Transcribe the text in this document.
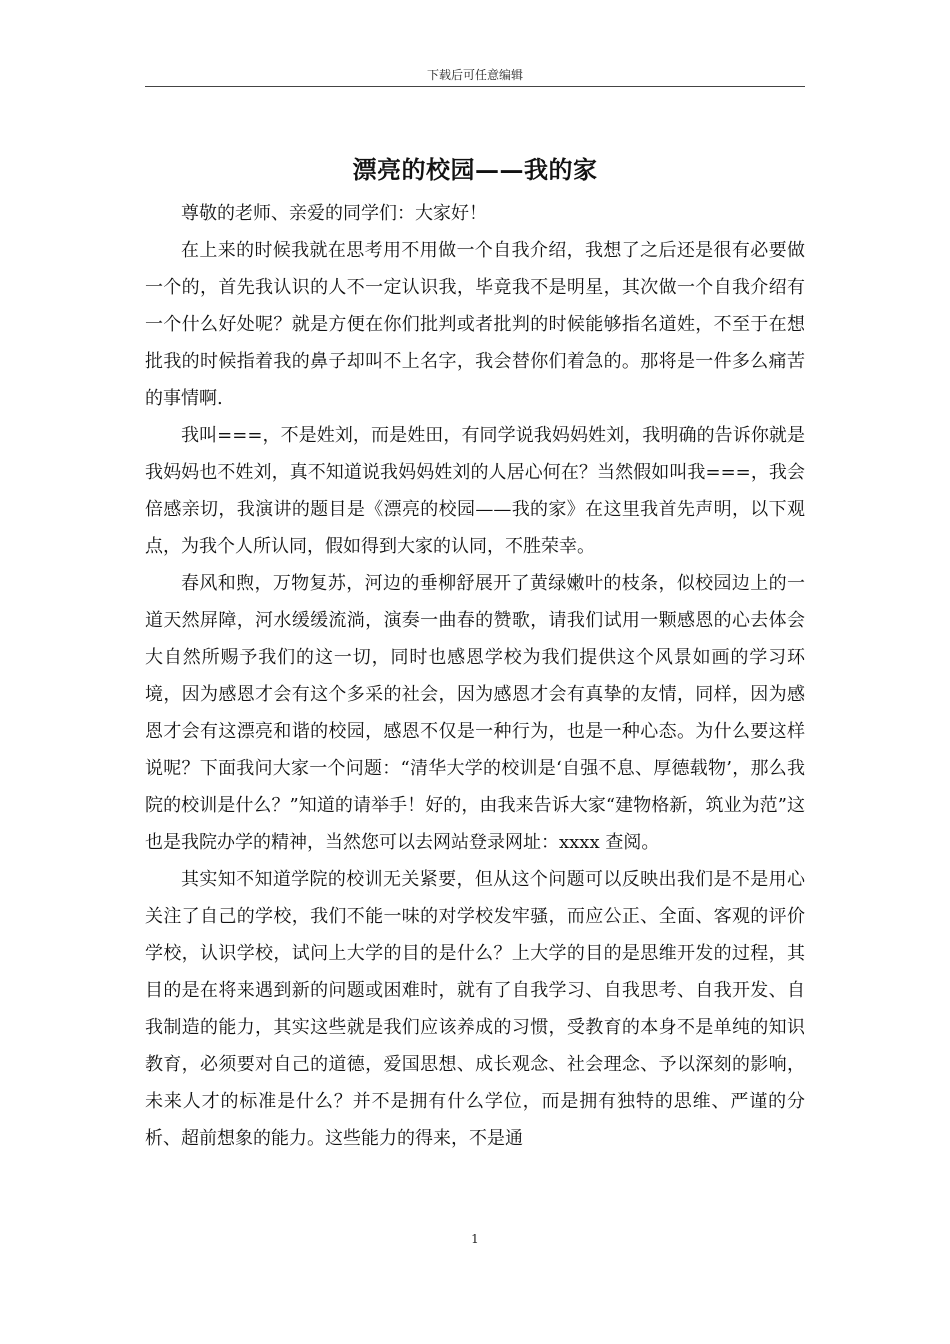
下载后可任意编辑
漂亮的校园——我的家

尊敬的老师、亲爱的同学们：大家好！

在上来的时候我就在思考用不用做一个自我介绍，我想了之后还是很有必要做一个的，首先我认识的人不一定认识我，毕竟我不是明星，其次做一个自我介绍有一个什么好处呢？就是方便在你们批判或者批判的时候能够指名道姓，不至于在想批我的时候指着我的鼻子却叫不上名字，我会替你们着急的。那将是一件多么痛苦的事情啊.

我叫===，不是姓刘，而是姓田，有同学说我妈妈姓刘，我明确的告诉你就是我妈妈也不姓刘，真不知道说我妈妈姓刘的人居心何在？当然假如叫我===，我会倍感亲切，我演讲的题目是《漂亮的校园——我的家》在这里我首先声明，以下观点，为我个人所认同，假如得到大家的认同，不胜荣幸。

春风和煦，万物复苏，河边的垂柳舒展开了黄绿嫩叶的枝条，似校园边上的一道天然屏障，河水缓缓流淌，演奏一曲春的赞歌，请我们试用一颗感恩的心去体会大自然所赐予我们的这一切，同时也感恩学校为我们提供这个风景如画的学习环境，因为感恩才会有这个多采的社会，因为感恩才会有真挚的友情，同样，因为感恩才会有这漂亮和谐的校园，感恩不仅是一种行为，也是一种心态。为什么要这样说呢？下面我问大家一个问题：“清华大学的校训是‘自强不息、厚德载物’，那么我院的校训是什么？”知道的请举手！好的，由我来告诉大家“建物格新，筑业为范”这也是我院办学的精神，当然您可以去网站登录网址：xxxx 查阅。

其实知不知道学院的校训无关紧要，但从这个问题可以反映出我们是不是用心关注了自己的学校，我们不能一味的对学校发牢骚，而应公正、全面、客观的评价学校，认识学校，试问上大学的目的是什么？上大学的目的是思维开发的过程，其目的是在将来遇到新的问题或困难时，就有了自我学习、自我思考、自我开发、自我制造的能力，其实这些就是我们应该养成的习惯，受教育的本身不是单纯的知识教育，必须要对自己的道德，爱国思想、成长观念、社会理念、予以深刻的影响，未来人才的标准是什么？并不是拥有什么学位，而是拥有独特的思维、严谨的分析、超前想象的能力。这些能力的得来，不是通

1
